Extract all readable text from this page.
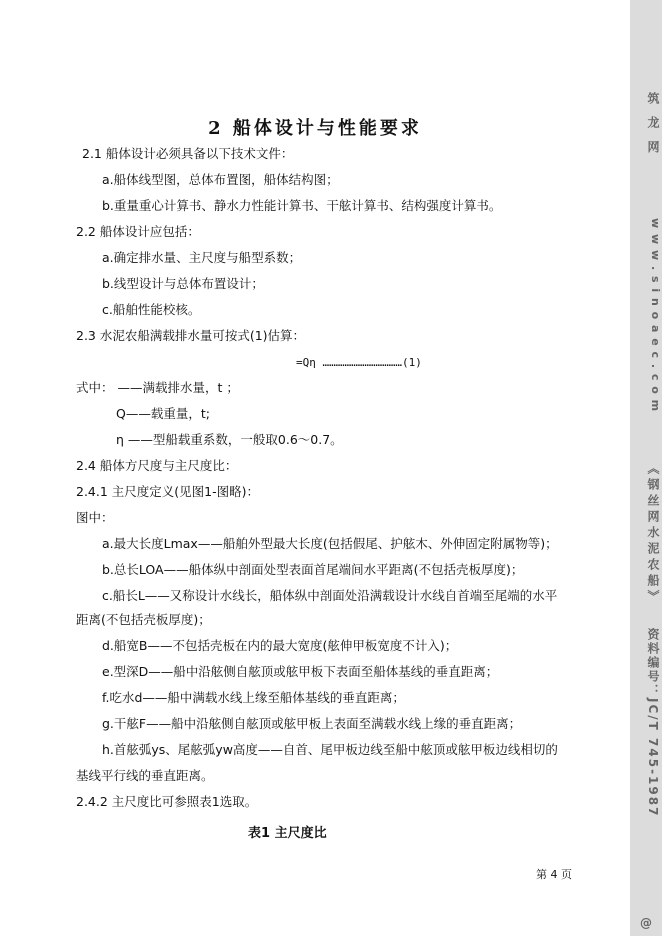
2 船体设计与性能要求
2.1 船体设计必须具备以下技术文件：
a.船体线型图，总体布置图，船体结构图；
b.重量重心计算书、静水力性能计算书、干舷计算书、结构强度计算书。
2.2 船体设计应包括：
a.确定排水量、主尺度与船型系数；
b.线型设计与总体布置设计；
c.船舶性能校核。
2.3 水泥农船满载排水量可按式(1)估算：
=Qη ………………………………(1)
式中： ——满载排水量，t ；
Q——载重量，t;
η ——型船载重系数，一般取0.6～0.7。
2.4 船体方尺度与主尺度比：
2.4.1 主尺度定义(见图1-图略)：
图中：
a.最大长度Lmax——船舶外型最大长度(包括假尾、护舷木、外伸固定附属物等)；
b.总长LOA——船体纵中剖面处型表面首尾端间水平距离(不包括壳板厚度)；
c.船长L——又称设计水线长，船体纵中剖面处沿满载设计水线自首端至尾端的水平
距离(不包括壳板厚度)；
d.船宽B——不包括壳板在内的最大宽度(舷伸甲板宽度不计入)；
e.型深D——船中沿舷侧自舷顶或舷甲板下表面至船体基线的垂直距离；
f.吃水d——船中满载水线上缘至船体基线的垂直距离；
g.干舷F——船中沿舷侧自舷顶或舷甲板上表面至满载水线上缘的垂直距离；
h.首舷弧ys、尾舷弧yw高度——自首、尾甲板边线至船中舷顶或舷甲板边线相切的
基线平行线的垂直距离。
2.4.2 主尺度比可参照表1选取。
表1 主尺度比
第 4 页
筑 龙 网
w w w . s i n o a e c . c o m
《钢丝网水泥农船》
资料编号：JC/T 745-1987
@
